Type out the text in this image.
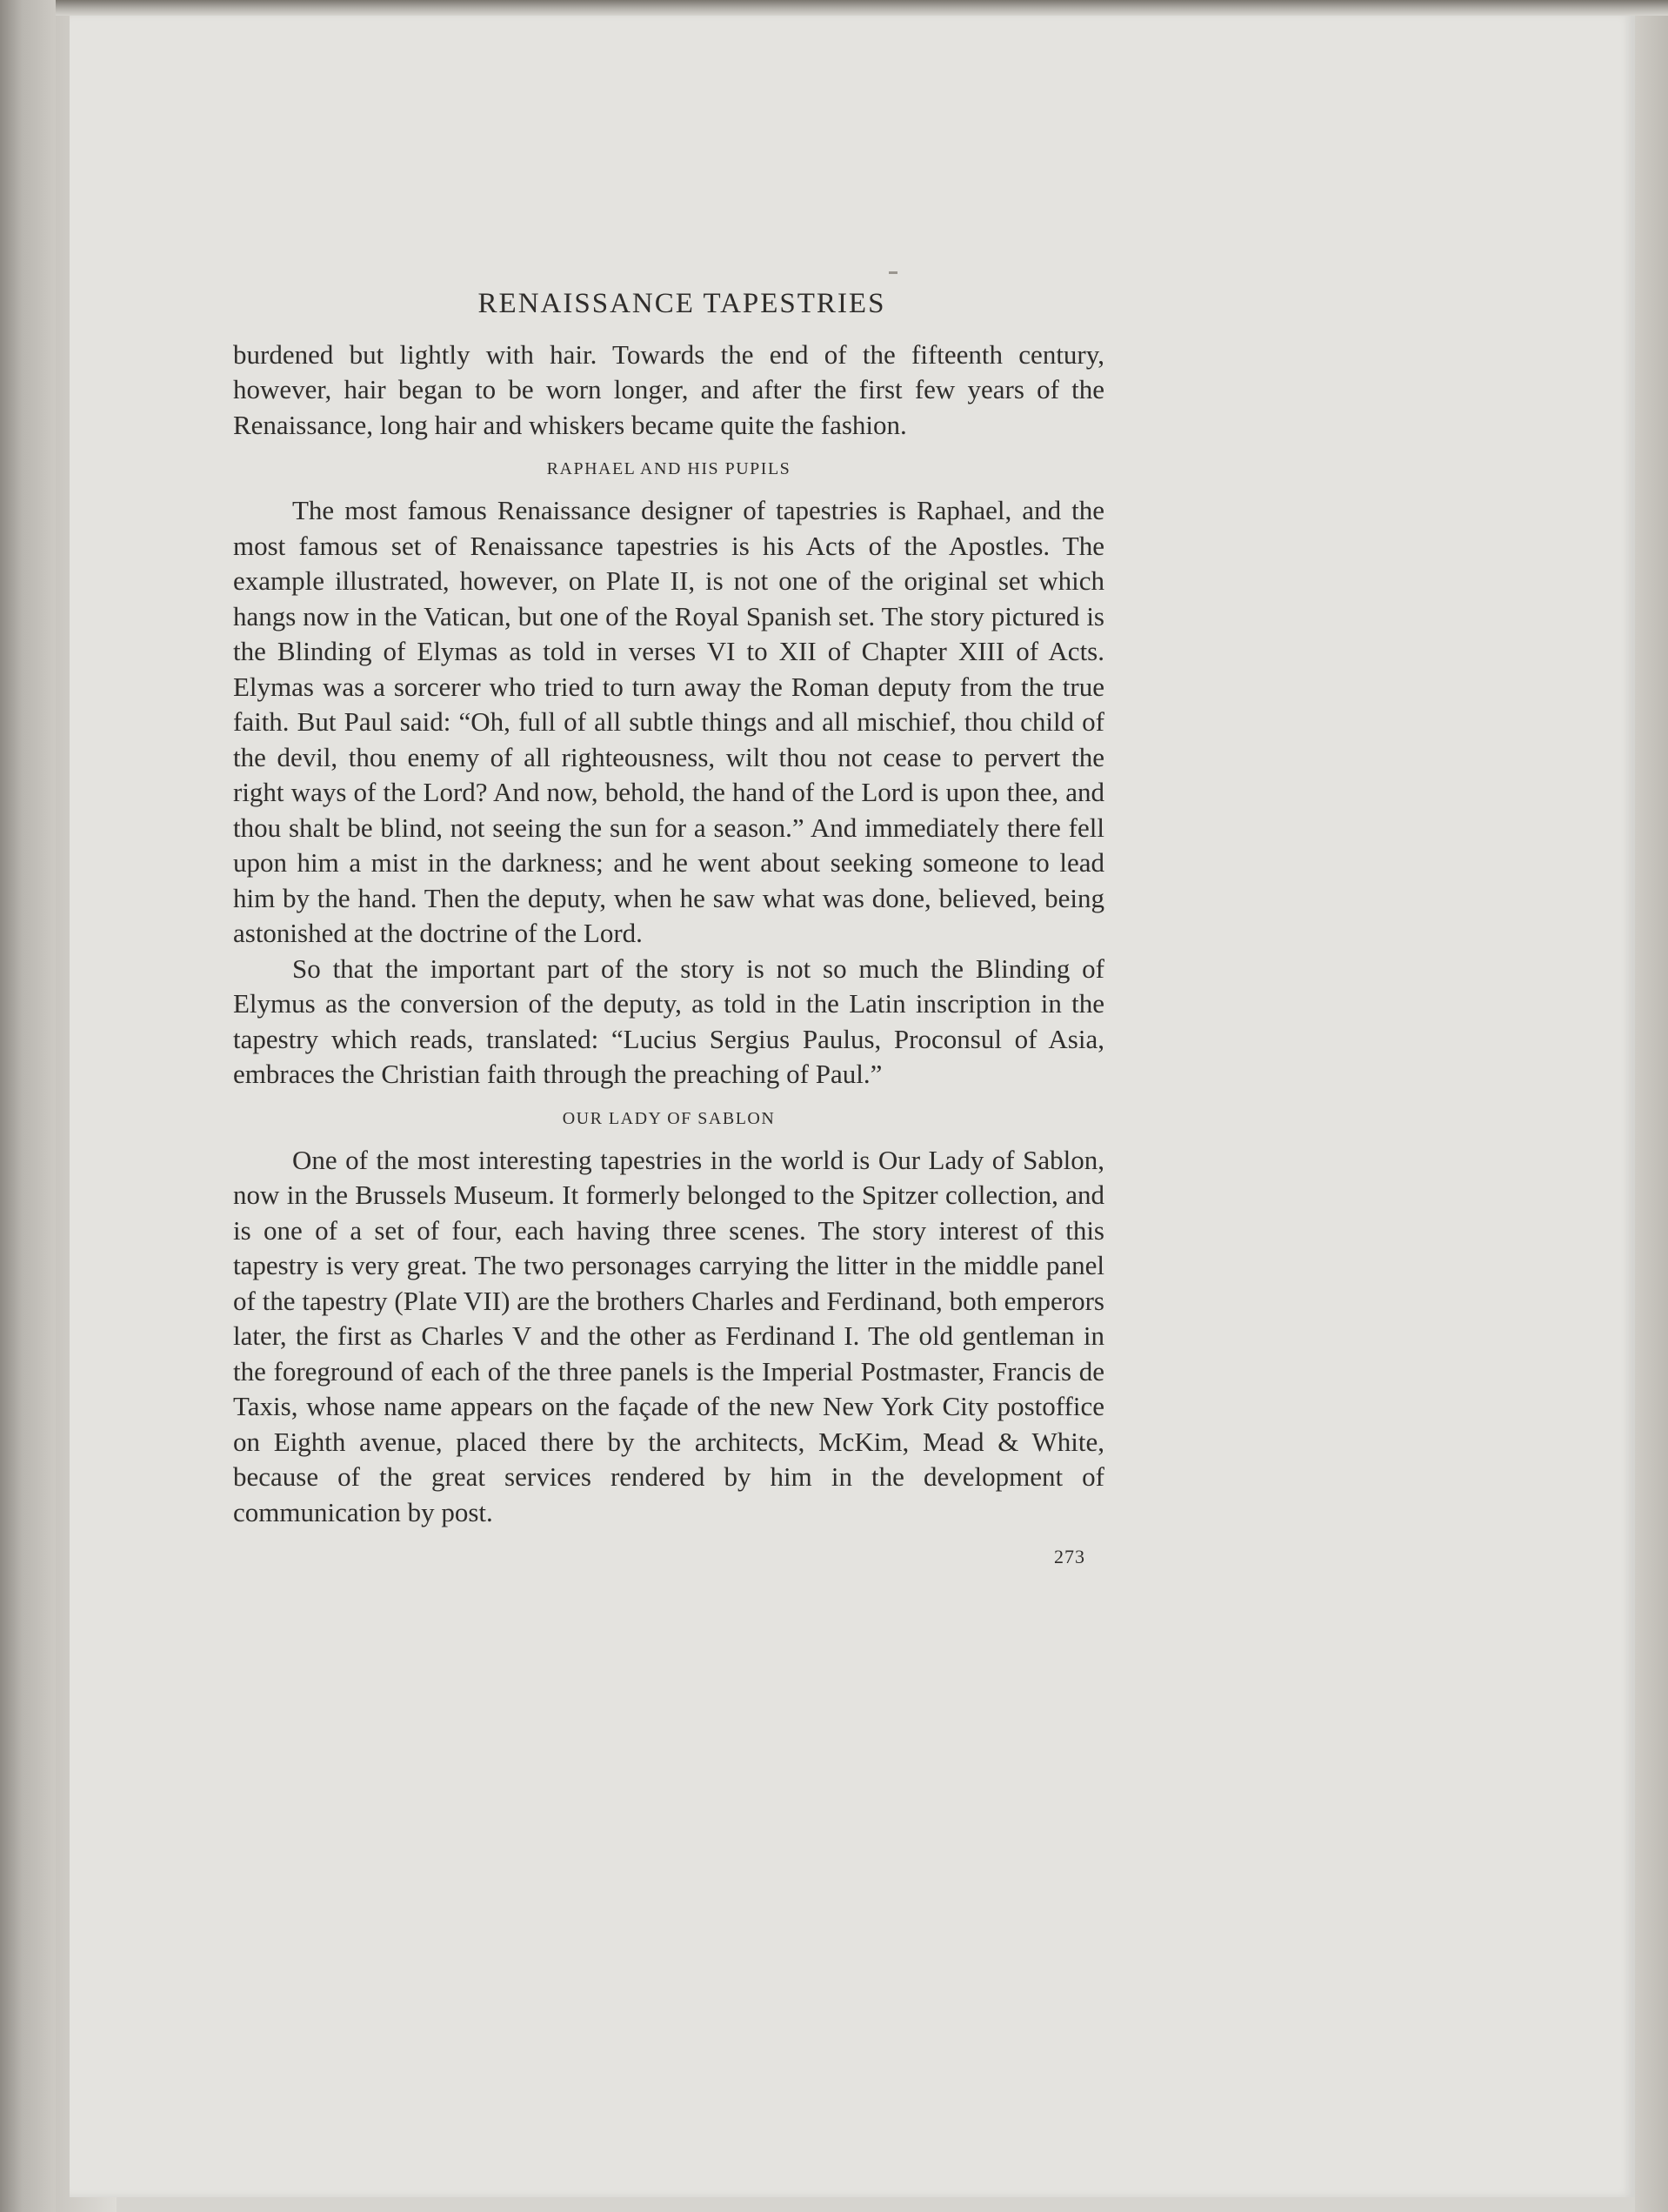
RENAISSANCE TAPESTRIES

burdened but lightly with hair. Towards the end of the fifteenth century, however, hair began to be worn longer, and after the first few years of the Renaissance, long hair and whiskers became quite the fashion.

RAPHAEL AND HIS PUPILS

The most famous Renaissance designer of tapestries is Raphael, and the most famous set of Renaissance tapestries is his Acts of the Apostles. The example illustrated, however, on Plate II, is not one of the original set which hangs now in the Vatican, but one of the Royal Spanish set. The story pictured is the Blinding of Elymas as told in verses VI to XII of Chapter XIII of Acts. Elymas was a sorcerer who tried to turn away the Roman deputy from the true faith. But Paul said: “Oh, full of all subtle things and all mischief, thou child of the devil, thou enemy of all righteousness, wilt thou not cease to pervert the right ways of the Lord? And now, behold, the hand of the Lord is upon thee, and thou shalt be blind, not seeing the sun for a season.” And immediately there fell upon him a mist in the darkness; and he went about seeking someone to lead him by the hand. Then the deputy, when he saw what was done, believed, being astonished at the doctrine of the Lord.

So that the important part of the story is not so much the Blinding of Elymus as the conversion of the deputy, as told in the Latin inscription in the tapestry which reads, translated: “Lucius Sergius Paulus, Proconsul of Asia, embraces the Christian faith through the preaching of Paul.”

OUR LADY OF SABLON

One of the most interesting tapestries in the world is Our Lady of Sablon, now in the Brussels Museum. It formerly belonged to the Spitzer collection, and is one of a set of four, each having three scenes. The story interest of this tapestry is very great. The two personages carrying the litter in the middle panel of the tapestry (Plate VII) are the brothers Charles and Ferdinand, both emperors later, the first as Charles V and the other as Ferdinand I. The old gentleman in the foreground of each of the three panels is the Imperial Postmaster, Francis de Taxis, whose name appears on the façade of the new New York City postoffice on Eighth avenue, placed there by the architects, McKim, Mead & White, because of the great services rendered by him in the development of communication by post.

273
